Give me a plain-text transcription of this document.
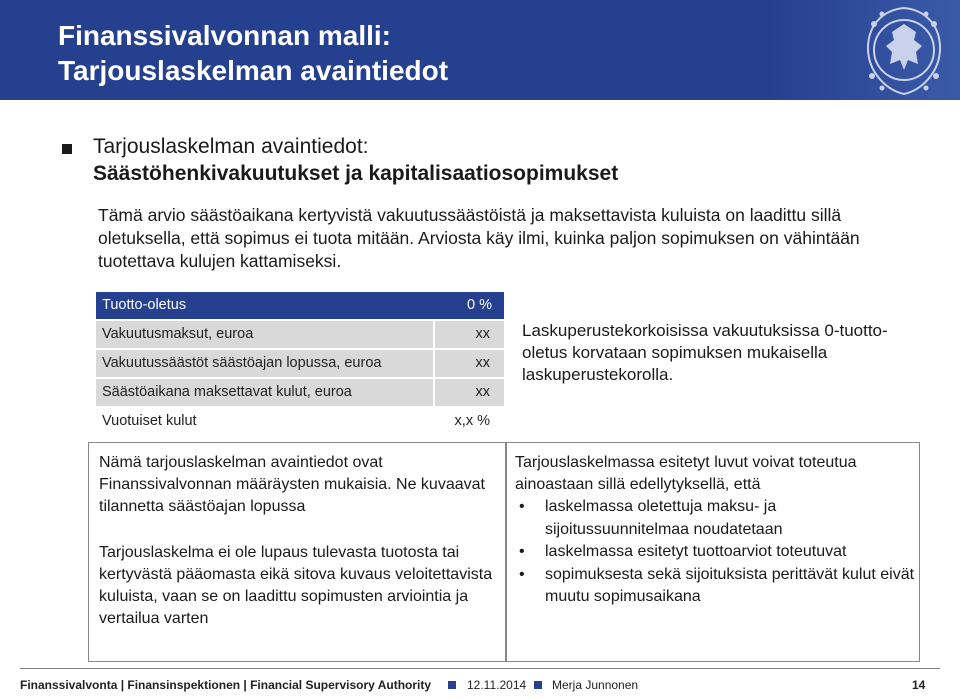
Finanssivalvonnan malli:
Tarjouslaskelman avaintiedot
Tarjouslaskelman avaintiedot:
Säästöhenkivakuutukset ja kapitalisaatiosopimukset
Tämä arvio säästöaikana kertyvistä vakuutussäästöistä ja maksettavista kuluista on laadittu sillä oletuksella, että sopimus ei tuota mitään. Arviosta käy ilmi, kuinka paljon sopimuksen on vähintään tuotettava kulujen kattamiseksi.
Tuotto-oletus	0 %
Vakuutusmaksut, euroa	xx
Vakuutussäästöt säästöajan lopussa, euroa	xx
Säästöaikana maksettavat kulut, euroa	xx
Vuotuiset kulut	x,x %
Laskuperustekorkoisissa vakuutuksissa 0-tuotto-oletus korvataan sopimuksen mukaisella laskuperustekorolla.
Nämä tarjouslaskelman avaintiedot ovat Finanssivalvonnan määräysten mukaisia. Ne kuvaavat tilannetta säästöajan lopussa
Tarjouslaskelma ei ole lupaus tulevasta tuotosta tai kertyvästä pääomasta eikä sitova kuvaus veloitettavista kuluista, vaan se on laadittu sopimusten arviointia ja vertailua varten
Tarjouslaskelmassa esitetyt luvut voivat toteutua ainoastaan sillä edellytyksellä, että
• laskelmassa oletettuja maksu- ja sijoitussuunnitelmaa noudatetaan
• laskelmassa esitetyt tuottoarviot toteutuvat
• sopimuksesta sekä sijoituksista perittävät kulut eivät muutu sopimusaikana
Finanssivalvonta | Finansinspektionen | Financial Supervisory Authority	12.11.2014 Merja Junnonen	14
